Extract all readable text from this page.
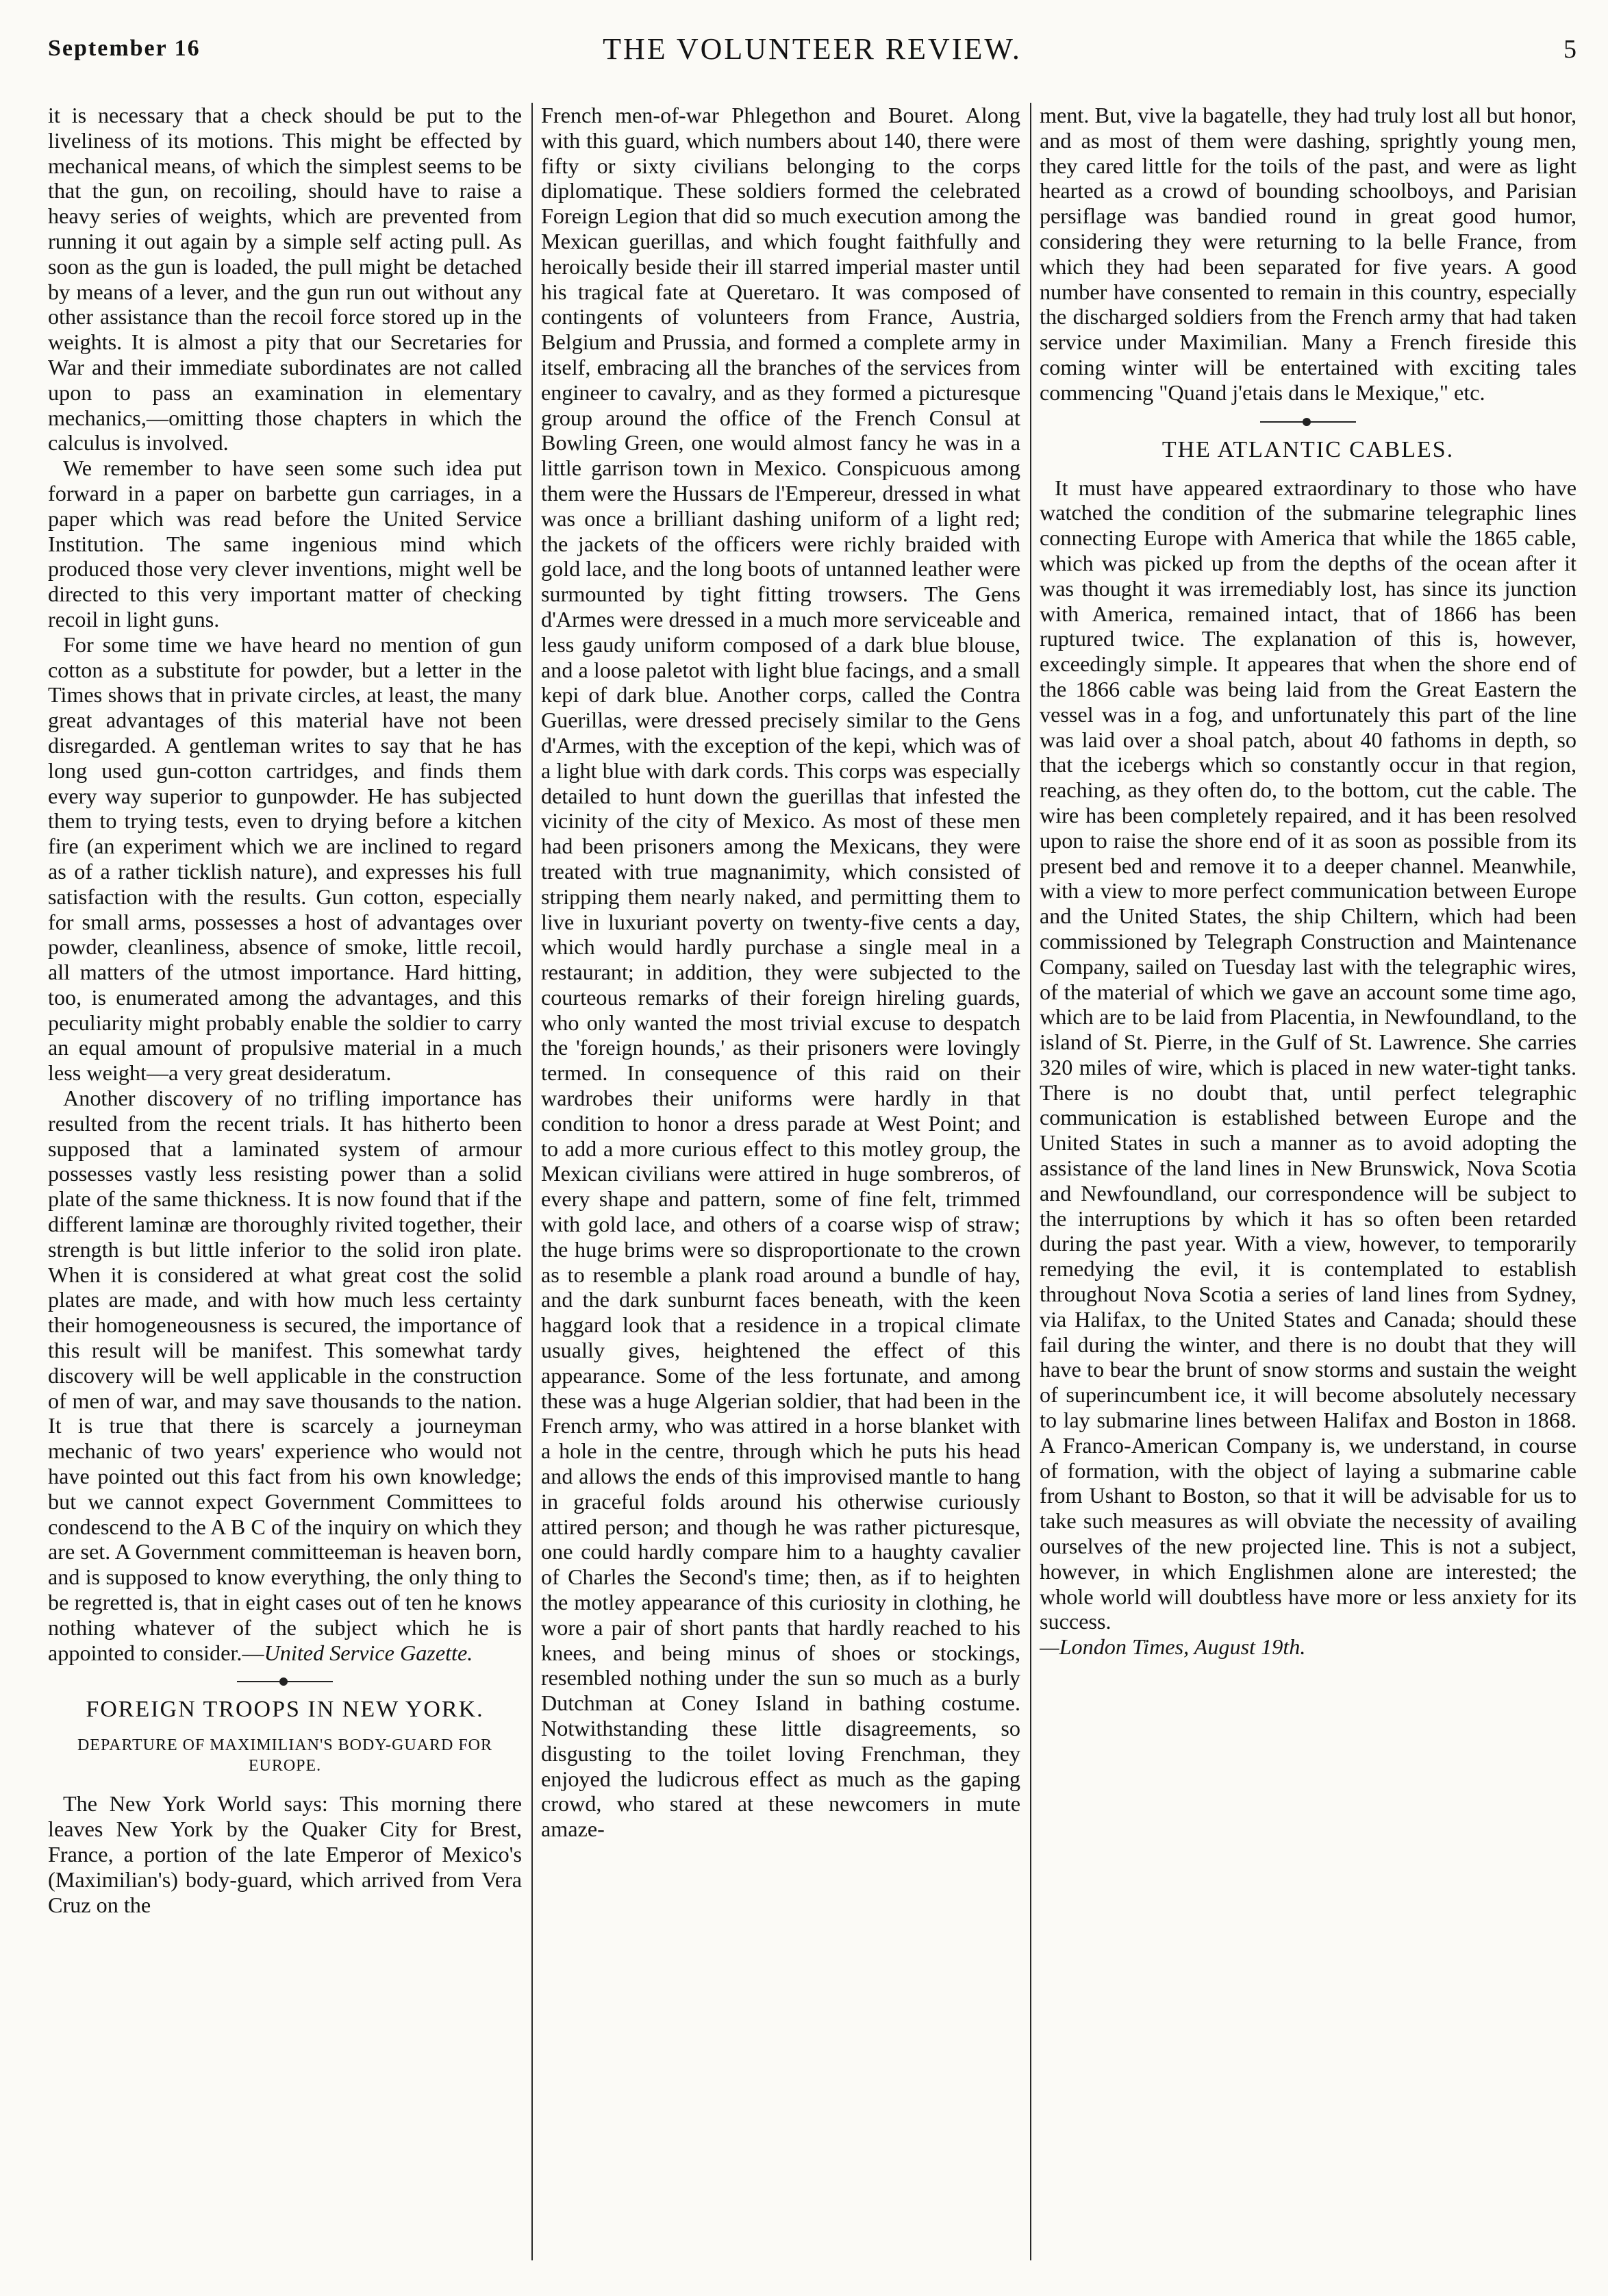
September 16	THE VOLUNTEER REVIEW.	5

it is necessary that a check should be put to the liveliness of its motions. This might be effected by mechanical means, of which the simplest seems to be that the gun, on recoiling, should have to raise a heavy series of weights, which are prevented from running it out again by a simple self acting pull. As soon as the gun is loaded, the pull might be detached by means of a lever, and the gun run out without any other assistance than the recoil force stored up in the weights. It is almost a pity that our Secretaries for War and their immediate subordinates are not called upon to pass an examination in elementary mechanics,—omitting those chapters in which the calculus is involved.

We remember to have seen some such idea put forward in a paper on barbette gun carriages, in a paper which was read before the United Service Institution. The same ingenious mind which produced those very clever inventions, might well be directed to this very important matter of checking recoil in light guns.

For some time we have heard no mention of gun cotton as a substitute for powder, but a letter in the Times shows that in private circles, at least, the many great advantages of this material have not been disregarded. A gentleman writes to say that he has long used gun-cotton cartridges, and finds them every way superior to gunpowder. He has subjected them to trying tests, even to drying before a kitchen fire (an experiment which we are inclined to regard as of a rather ticklish nature), and expresses his full satisfaction with the results. Gun cotton, especially for small arms, possesses a host of advantages over powder, cleanliness, absence of smoke, little recoil, all matters of the utmost importance. Hard hitting, too, is enumerated among the advantages, and this peculiarity might probably enable the soldier to carry an equal amount of propulsive material in a much less weight—a very great desideratum.

Another discovery of no trifling importance has resulted from the recent trials. It has hitherto been supposed that a laminated system of armour possesses vastly less resisting power than a solid plate of the same thickness. It is now found that if the different laminæ are thoroughly rivited together, their strength is but little inferior to the solid iron plate. When it is considered at what great cost the solid plates are made, and with how much less certainty their homogeneousness is secured, the importance of this result will be manifest. This somewhat tardy discovery will be well applicable in the construction of men of war, and may save thousands to the nation. It is true that there is scarcely a journeyman mechanic of two years' experience who would not have pointed out this fact from his own knowledge; but we cannot expect Government Committees to condescend to the A B C of the inquiry on which they are set. A Government committeeman is heaven born, and is supposed to know everything, the only thing to be regretted is, that in eight cases out of ten he knows nothing whatever of the subject which he is appointed to consider.—United Service Gazette.

FOREIGN TROOPS IN NEW YORK.
DEPARTURE OF MAXIMILIAN'S BODY-GUARD FOR EUROPE.

The New York World says: This morning there leaves New York by the Quaker City for Brest, France, a portion of the late Emperor of Mexico's (Maximilian's) body-guard, which arrived from Vera Cruz on the

French men-of-war Phlegethon and Bouret. Along with this guard, which numbers about 140, there were fifty or sixty civilians belonging to the corps diplomatique. These soldiers formed the celebrated Foreign Legion that did so much execution among the Mexican guerillas, and which fought faithfully and heroically beside their ill starred imperial master until his tragical fate at Queretaro. It was composed of contingents of volunteers from France, Austria, Belgium and Prussia, and formed a complete army in itself, embracing all the branches of the services from engineer to cavalry, and as they formed a picturesque group around the office of the French Consul at Bowling Green, one would almost fancy he was in a little garrison town in Mexico. Conspicuous among them were the Hussars de l'Empereur, dressed in what was once a brilliant dashing uniform of a light red; the jackets of the officers were richly braided with gold lace, and the long boots of untanned leather were surmounted by tight fitting trowsers. The Gens d'Armes were dressed in a much more serviceable and less gaudy uniform composed of a dark blue blouse, and a loose paletot with light blue facings, and a small kepi of dark blue. Another corps, called the Contra Guerillas, were dressed precisely similar to the Gens d'Armes, with the exception of the kepi, which was of a light blue with dark cords. This corps was especially detailed to hunt down the guerillas that infested the vicinity of the city of Mexico. As most of these men had been prisoners among the Mexicans, they were treated with true magnanimity, which consisted of stripping them nearly naked, and permitting them to live in luxuriant poverty on twenty-five cents a day, which would hardly purchase a single meal in a restaurant; in addition, they were subjected to the courteous remarks of their foreign hireling guards, who only wanted the most trivial excuse to despatch the 'foreign hounds,' as their prisoners were lovingly termed. In consequence of this raid on their wardrobes their uniforms were hardly in that condition to honor a dress parade at West Point; and to add a more curious effect to this motley group, the Mexican civilians were attired in huge sombreros, of every shape and pattern, some of fine felt, trimmed with gold lace, and others of a coarse wisp of straw; the huge brims were so disproportionate to the crown as to resemble a plank road around a bundle of hay, and the dark sunburnt faces beneath, with the keen haggard look that a residence in a tropical climate usually gives, heightened the effect of this appearance. Some of the less fortunate, and among these was a huge Algerian soldier, that had been in the French army, who was attired in a horse blanket with a hole in the centre, through which he puts his head and allows the ends of this improvised mantle to hang in graceful folds around his otherwise curiously attired person; and though he was rather picturesque, one could hardly compare him to a haughty cavalier of Charles the Second's time; then, as if to heighten the motley appearance of this curiosity in clothing, he wore a pair of short pants that hardly reached to his knees, and being minus of shoes or stockings, resembled nothing under the sun so much as a burly Dutchman at Coney Island in bathing costume. Notwithstanding these little disagreements, so disgusting to the toilet loving Frenchman, they enjoyed the ludicrous effect as much as the gaping crowd, who stared at these newcomers in mute amaze-

ment. But, vive la bagatelle, they had truly lost all but honor, and as most of them were dashing, sprightly young men, they cared little for the toils of the past, and were as light hearted as a crowd of bounding schoolboys, and Parisian persiflage was bandied round in great good humor, considering they were returning to la belle France, from which they had been separated for five years. A good number have consented to remain in this country, especially the discharged soldiers from the French army that had taken service under Maximilian. Many a French fireside this coming winter will be entertained with exciting tales commencing "Quand j'etais dans le Mexique," etc.

THE ATLANTIC CABLES.

It must have appeared extraordinary to those who have watched the condition of the submarine telegraphic lines connecting Europe with America that while the 1865 cable, which was picked up from the depths of the ocean after it was thought it was irremediably lost, has since its junction with America, remained intact, that of 1866 has been ruptured twice. The explanation of this is, however, exceedingly simple. It appeares that when the shore end of the 1866 cable was being laid from the Great Eastern the vessel was in a fog, and unfortunately this part of the line was laid over a shoal patch, about 40 fathoms in depth, so that the icebergs which so constantly occur in that region, reaching, as they often do, to the bottom, cut the cable. The wire has been completely repaired, and it has been resolved upon to raise the shore end of it as soon as possible from its present bed and remove it to a deeper channel. Meanwhile, with a view to more perfect communication between Europe and the United States, the ship Chiltern, which had been commissioned by Telegraph Construction and Maintenance Company, sailed on Tuesday last with the telegraphic wires, of the material of which we gave an account some time ago, which are to be laid from Placentia, in Newfoundland, to the island of St. Pierre, in the Gulf of St. Lawrence. She carries 320 miles of wire, which is placed in new water-tight tanks. There is no doubt that, until perfect telegraphic communication is established between Europe and the United States in such a manner as to avoid adopting the assistance of the land lines in New Brunswick, Nova Scotia and Newfoundland, our correspondence will be subject to the interruptions by which it has so often been retarded during the past year. With a view, however, to temporarily remedying the evil, it is contemplated to establish throughout Nova Scotia a series of land lines from Sydney, via Halifax, to the United States and Canada; should these fail during the winter, and there is no doubt that they will have to bear the brunt of snow storms and sustain the weight of superincumbent ice, it will become absolutely necessary to lay submarine lines between Halifax and Boston in 1868. A Franco-American Company is, we understand, in course of formation, with the object of laying a submarine cable from Ushant to Boston, so that it will be advisable for us to take such measures as will obviate the necessity of availing ourselves of the new projected line. This is not a subject, however, in which Englishmen alone are interested; the whole world will doubtless have more or less anxiety for its success.

—London Times, August 19th.
